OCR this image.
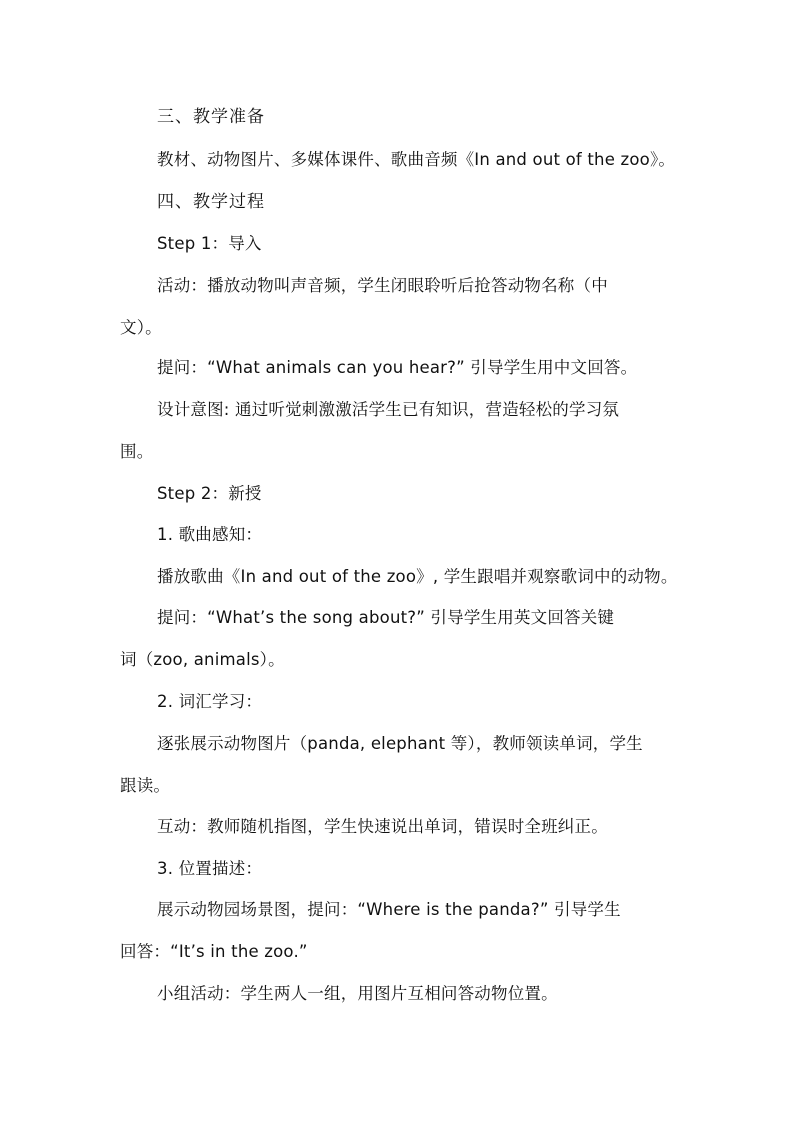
三、教学准备
教材、动物图片、多媒体课件、歌曲音频《In and out of the zoo》。
四、教学过程
Step 1：导入
活动：播放动物叫声音频，学生闭眼聆听后抢答动物名称（中
文）。
提问：“What animals can you hear?” 引导学生用中文回答。
设计意图: 通过听觉刺激激活学生已有知识，营造轻松的学习氛
围。
Step 2：新授
1. 歌曲感知：
播放歌曲《In and out of the zoo》, 学生跟唱并观察歌词中的动物。
提问：“What’s the song about?” 引导学生用英文回答关键
词（zoo, animals）。
2. 词汇学习：
逐张展示动物图片（panda, elephant 等），教师领读单词，学生
跟读。
互动：教师随机指图，学生快速说出单词，错误时全班纠正。
3. 位置描述：
展示动物园场景图，提问：“Where is the panda?” 引导学生
回答：“It’s in the zoo.”
小组活动：学生两人一组，用图片互相问答动物位置。
